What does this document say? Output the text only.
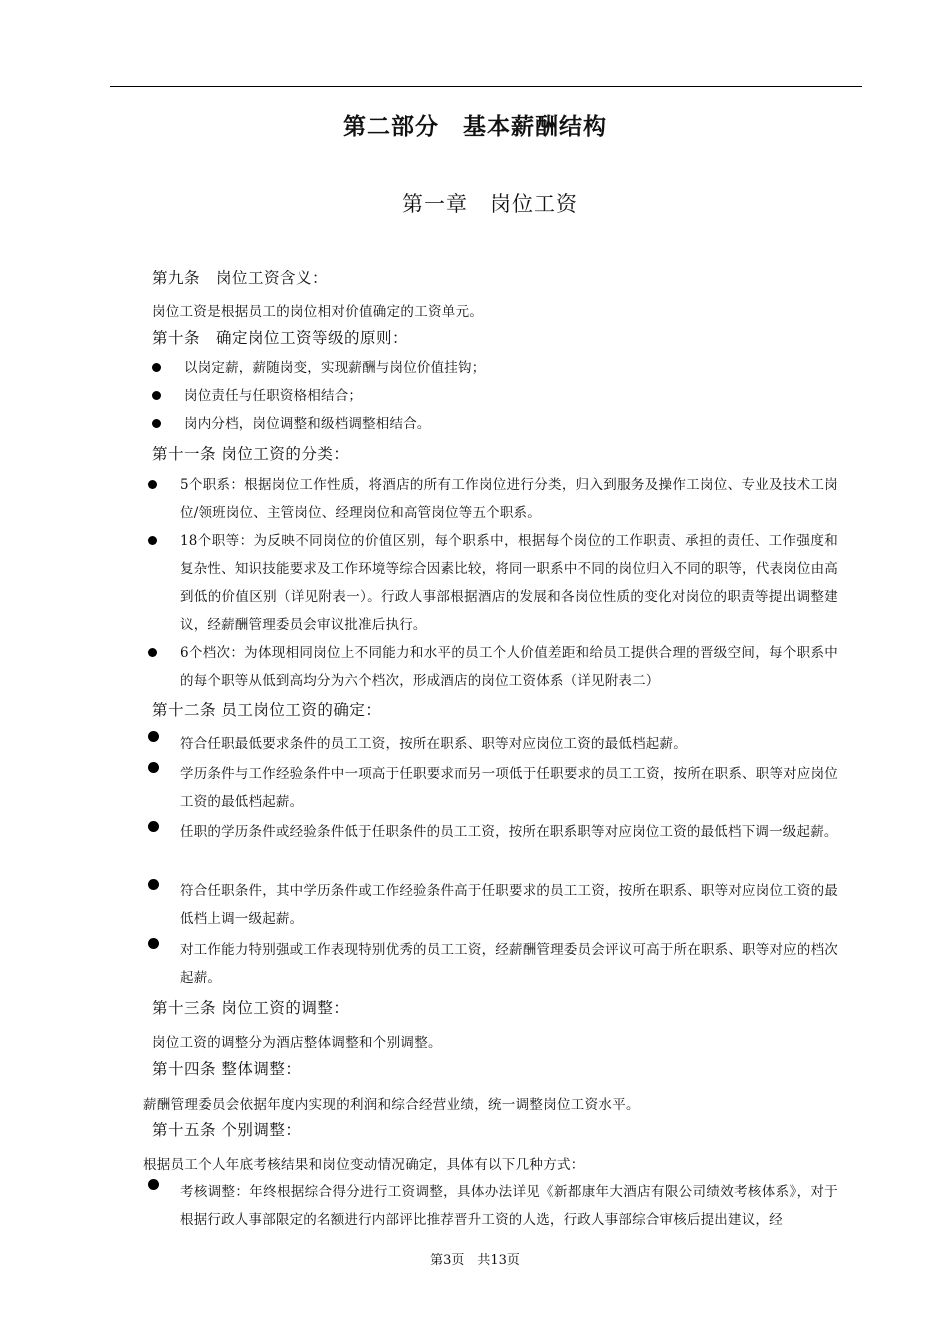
第二部分　基本薪酬结构
第一章　岗位工资
第九条　岗位工资含义：
岗位工资是根据员工的岗位相对价值确定的工资单元。
第十条　确定岗位工资等级的原则：
以岗定薪，薪随岗变，实现薪酬与岗位价值挂钩；
岗位责任与任职资格相结合；
岗内分档，岗位调整和级档调整相结合。
第十一条 岗位工资的分类：
5个职系：根据岗位工作性质，将酒店的所有工作岗位进行分类，归入到服务及操作工岗位、专业及技术工岗位/领班岗位、主管岗位、经理岗位和高管岗位等五个职系。
18个职等：为反映不同岗位的价值区别，每个职系中，根据每个岗位的工作职责、承担的责任、工作强度和复杂性、知识技能要求及工作环境等综合因素比较，将同一职系中不同的岗位归入不同的职等，代表岗位由高到低的价值区别（详见附表一）。行政人事部根据酒店的发展和各岗位性质的变化对岗位的职责等提出调整建议，经薪酬管理委员会审议批准后执行。
6个档次：为体现相同岗位上不同能力和水平的员工个人价值差距和给员工提供合理的晋级空间，每个职系中的每个职等从低到高均分为六个档次，形成酒店的岗位工资体系（详见附表二）
第十二条 员工岗位工资的确定：
符合任职最低要求条件的员工工资，按所在职系、职等对应岗位工资的最低档起薪。
学历条件与工作经验条件中一项高于任职要求而另一项低于任职要求的员工工资，按所在职系、职等对应岗位工资的最低档起薪。
任职的学历条件或经验条件低于任职条件的员工工资，按所在职系职等对应岗位工资的最低档下调一级起薪。
符合任职条件，其中学历条件或工作经验条件高于任职要求的员工工资，按所在职系、职等对应岗位工资的最低档上调一级起薪。
对工作能力特别强或工作表现特别优秀的员工工资，经薪酬管理委员会评议可高于所在职系、职等对应的档次起薪。
第十三条 岗位工资的调整：
岗位工资的调整分为酒店整体调整和个别调整。
第十四条 整体调整：
薪酬管理委员会依据年度内实现的利润和综合经营业绩，统一调整岗位工资水平。
第十五条 个别调整：
根据员工个人年底考核结果和岗位变动情况确定，具体有以下几种方式：
考核调整：年终根据综合得分进行工资调整，具体办法详见《新都康年大酒店有限公司绩效考核体系》，对于根据行政人事部限定的名额进行内部评比推荐晋升工资的人选，行政人事部综合审核后提出建议，经
第3页　共13页
